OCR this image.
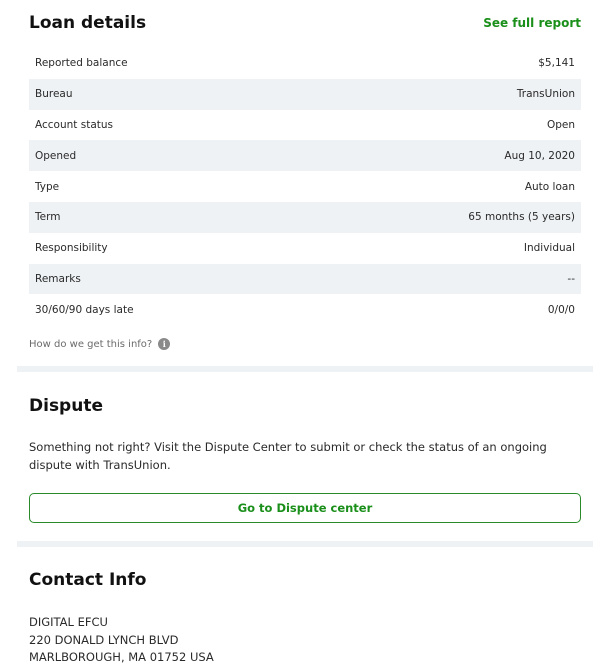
Loan details	See full report
Reported balance	$5,141
Bureau	TransUnion
Account status	Open
Opened	Aug 10, 2020
Type	Auto loan
Term	65 months (5 years)
Responsibility	Individual
Remarks	--
30/60/90 days late	0/0/0
How do we get this info?	i
Dispute

Something not right? Visit the Dispute Center to submit or check the status of an ongoing dispute with TransUnion.

Go to Dispute center
Contact Info
DIGITAL EFCU
220 DONALD LYNCH BLVD
MARLBOROUGH, MA 01752 USA
